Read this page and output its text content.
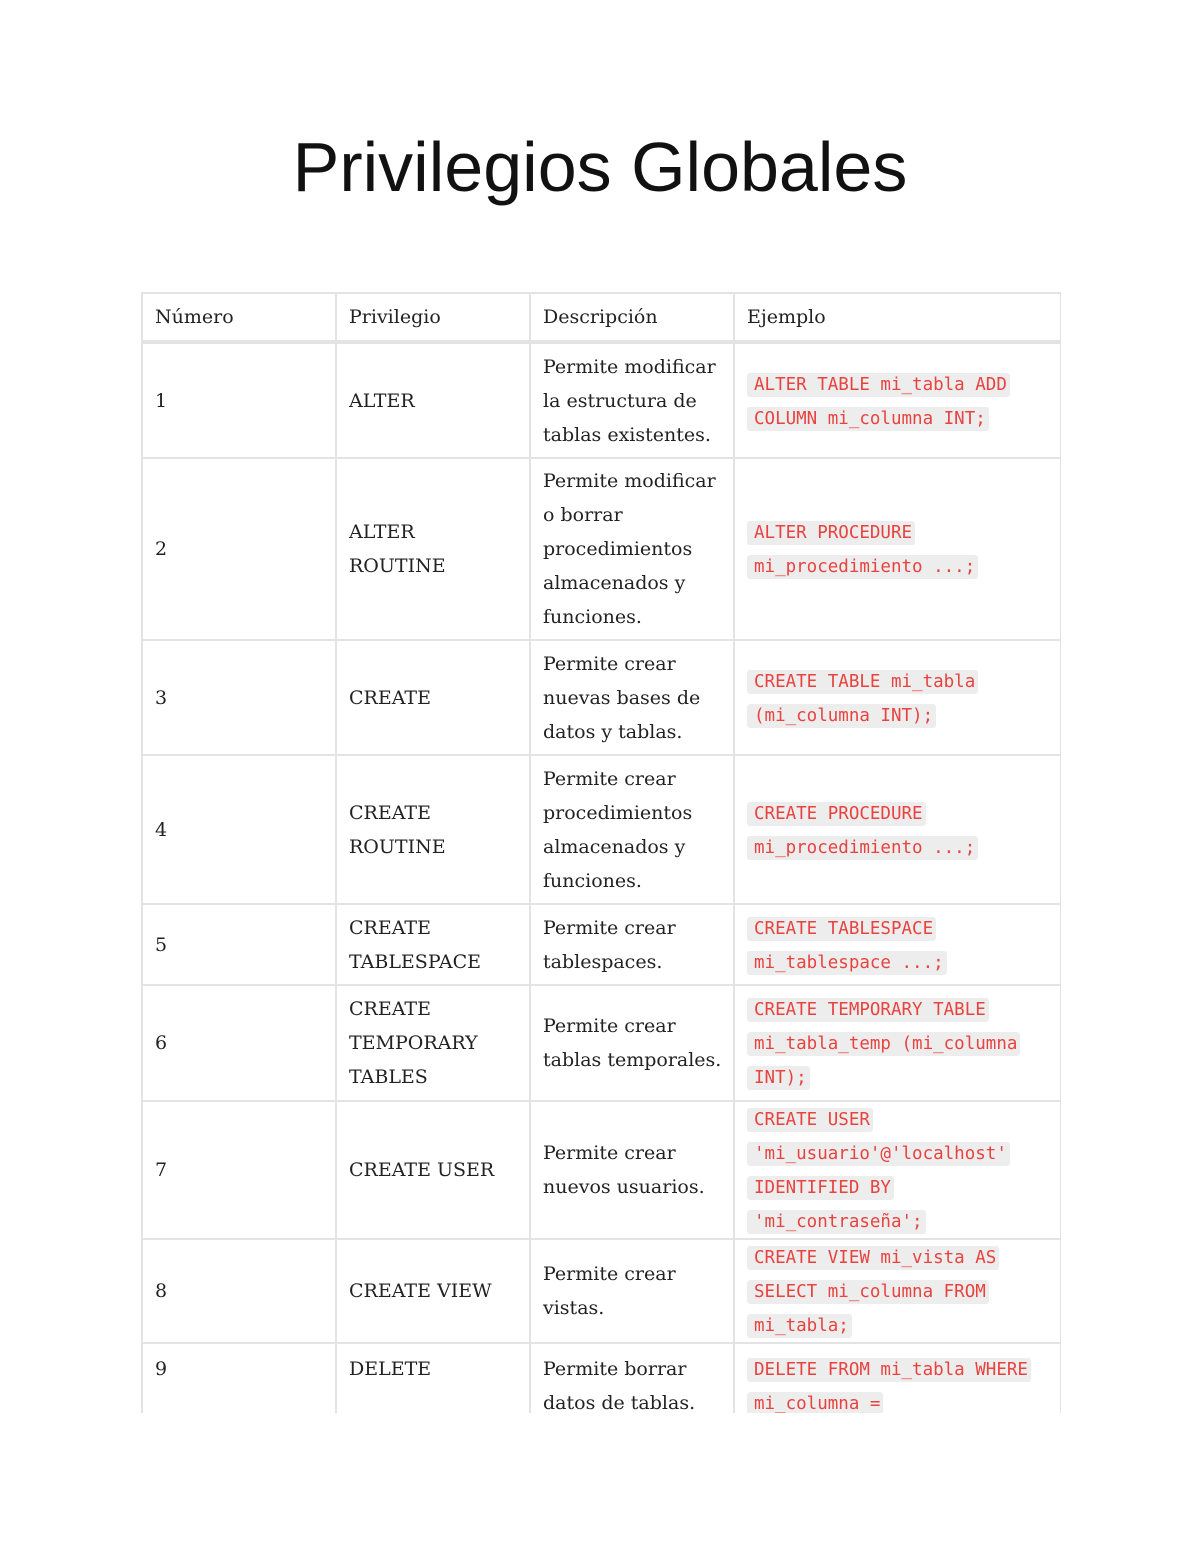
Privilegios Globales
Número	Privilegio	Descripción	Ejemplo
1	ALTER	Permite modificar la estructura de tablas existentes.	ALTER TABLE mi_tabla ADD COLUMN mi_columna INT;
2	ALTER ROUTINE	Permite modificar o borrar procedimientos almacenados y funciones.	ALTER PROCEDURE mi_procedimiento ...;
3	CREATE	Permite crear nuevas bases de datos y tablas.	CREATE TABLE mi_tabla (mi_columna INT);
4	CREATE ROUTINE	Permite crear procedimientos almacenados y funciones.	CREATE PROCEDURE mi_procedimiento ...;
5	CREATE TABLESPACE	Permite crear tablespaces.	CREATE TABLESPACE mi_tablespace ...;
6	CREATE TEMPORARY TABLES	Permite crear tablas temporales.	CREATE TEMPORARY TABLE mi_tabla_temp (mi_columna INT);
7	CREATE USER	Permite crear nuevos usuarios.	CREATE USER 'mi_usuario'@'localhost' IDENTIFIED BY 'mi_contraseña';
8	CREATE VIEW	Permite crear vistas.	CREATE VIEW mi_vista AS SELECT mi_columna FROM mi_tabla;
9	DELETE	Permite borrar datos de tablas.	DELETE FROM mi_tabla WHERE mi_columna =
